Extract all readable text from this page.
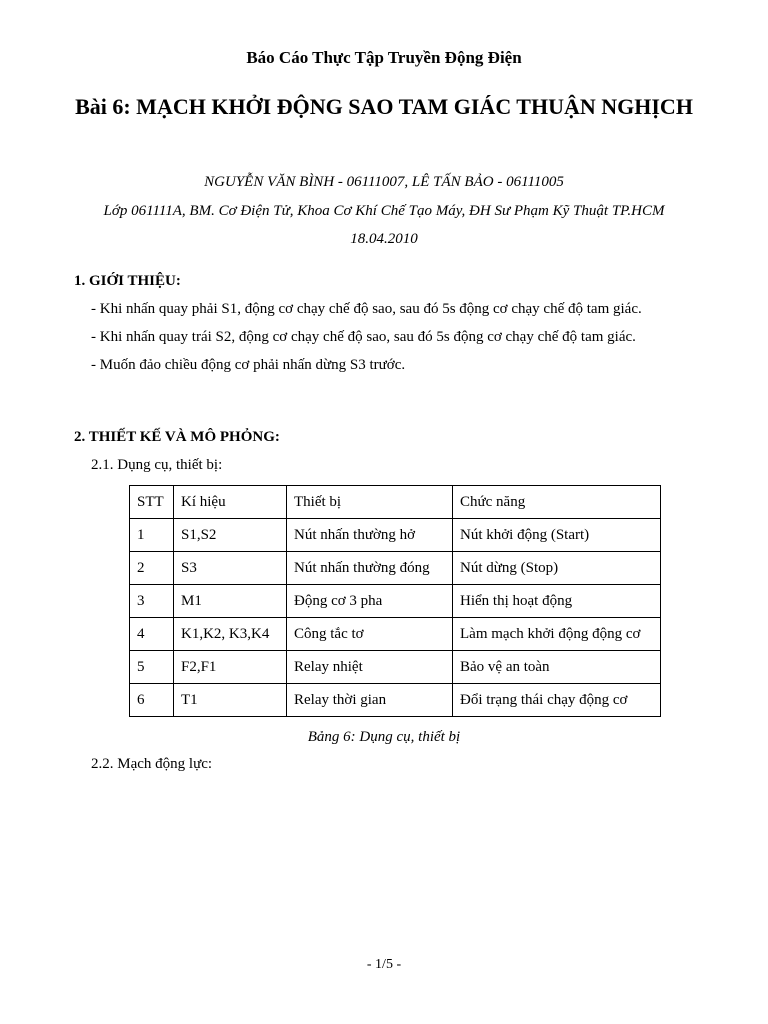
Báo Cáo Thực Tập Truyền Động Điện
Bài 6: MẠCH KHỞI ĐỘNG SAO TAM GIÁC THUẬN NGHỊCH
NGUYỄN VĂN BÌNH - 06111007, LÊ TẤN BẢO - 06111005
Lớp 061111A, BM. Cơ Điện Tử, Khoa Cơ Khí Chế Tạo Máy, ĐH Sư Phạm Kỹ Thuật TP.HCM
18.04.2010
1. GIỚI THIỆU:
- Khi nhấn quay phải S1, động cơ chạy chế độ sao, sau đó 5s động cơ chạy chế độ tam giác.
- Khi nhấn quay trái S2, động cơ chạy chế độ sao, sau đó 5s động cơ chạy chế độ tam giác.
- Muốn đảo chiều động cơ phải nhấn dừng S3 trước.
2. THIẾT KẾ VÀ MÔ PHỎNG:
2.1. Dụng cụ, thiết bị:
STT	Kí hiệu	Thiết bị	Chức năng
1	S1,S2	Nút nhấn thường hở	Nút khởi động (Start)
2	S3	Nút nhấn thường đóng	Nút dừng (Stop)
3	M1	Động cơ 3 pha	Hiển thị hoạt động
4	K1,K2, K3,K4	Công tắc tơ	Làm mạch khởi động động cơ
5	F2,F1	Relay nhiệt	Bảo vệ an toàn
6	T1	Relay thời gian	Đổi trạng thái chạy động cơ
Bảng 6: Dụng cụ, thiết bị
2.2. Mạch động lực:
- 1/5 -
